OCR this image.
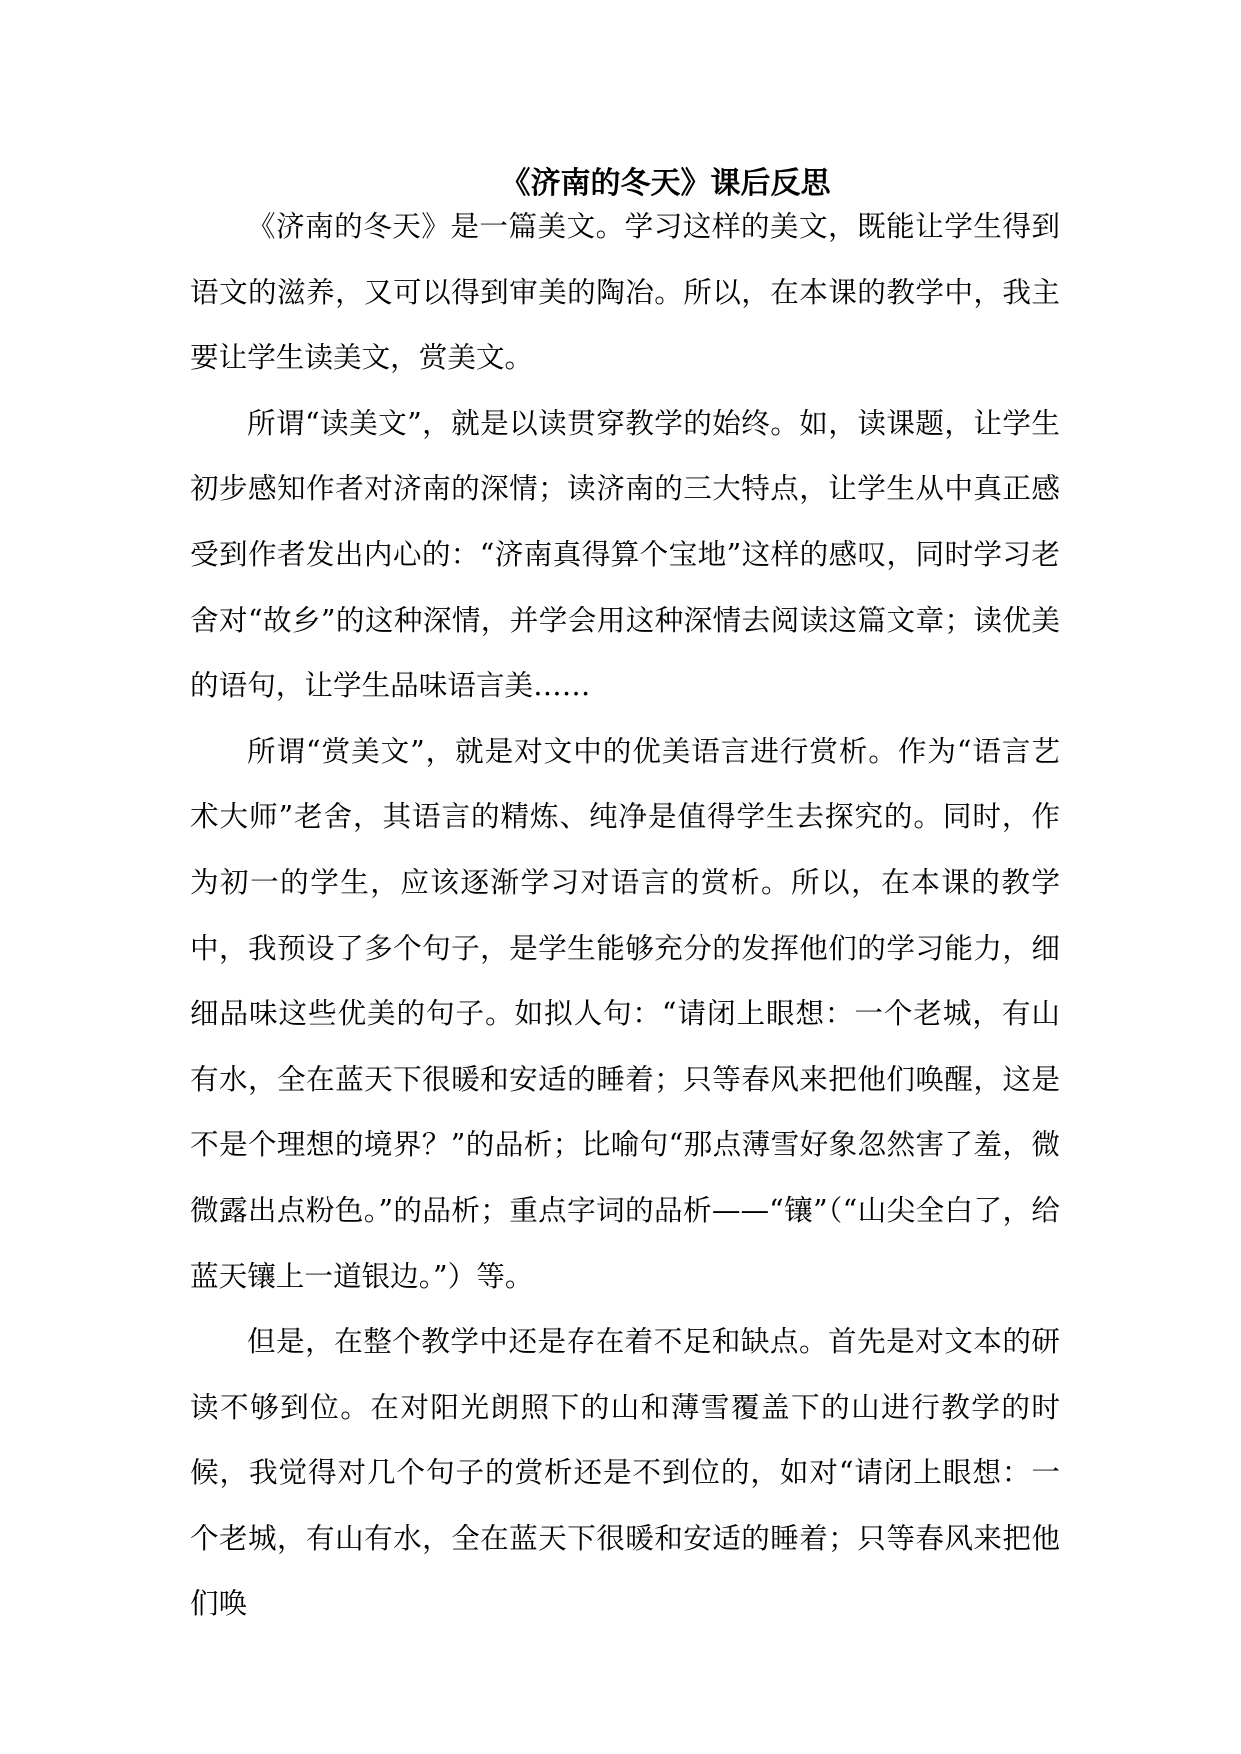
《济南的冬天》课后反思

《济南的冬天》是一篇美文。学习这样的美文，既能让学生得到语文的滋养，又可以得到审美的陶冶。所以，在本课的教学中，我主要让学生读美文，赏美文。

所谓“读美文”，就是以读贯穿教学的始终。如，读课题，让学生初步感知作者对济南的深情；读济南的三大特点，让学生从中真正感受到作者发出内心的：“济南真得算个宝地”这样的感叹，同时学习老舍对“故乡”的这种深情，并学会用这种深情去阅读这篇文章；读优美的语句，让学生品味语言美……

所谓“赏美文”，就是对文中的优美语言进行赏析。作为“语言艺术大师”老舍，其语言的精炼、纯净是值得学生去探究的。同时，作为初一的学生，应该逐渐学习对语言的赏析。所以，在本课的教学中，我预设了多个句子，是学生能够充分的发挥他们的学习能力，细细品味这些优美的句子。如拟人句：“请闭上眼想：一个老城，有山有水，全在蓝天下很暖和安适的睡着；只等春风来把他们唤醒，这是不是个理想的境界？”的品析；比喻句“那点薄雪好象忽然害了羞，微微露出点粉色。”的品析；重点字词的品析——“镶”（“山尖全白了，给蓝天镶上一道银边。”）等。

但是，在整个教学中还是存在着不足和缺点。首先是对文本的研读不够到位。在对阳光朗照下的山和薄雪覆盖下的山进行教学的时候，我觉得对几个句子的赏析还是不到位的，如对“请闭上眼想：一个老城，有山有水，全在蓝天下很暖和安适的睡着；只等春风来把他们唤
